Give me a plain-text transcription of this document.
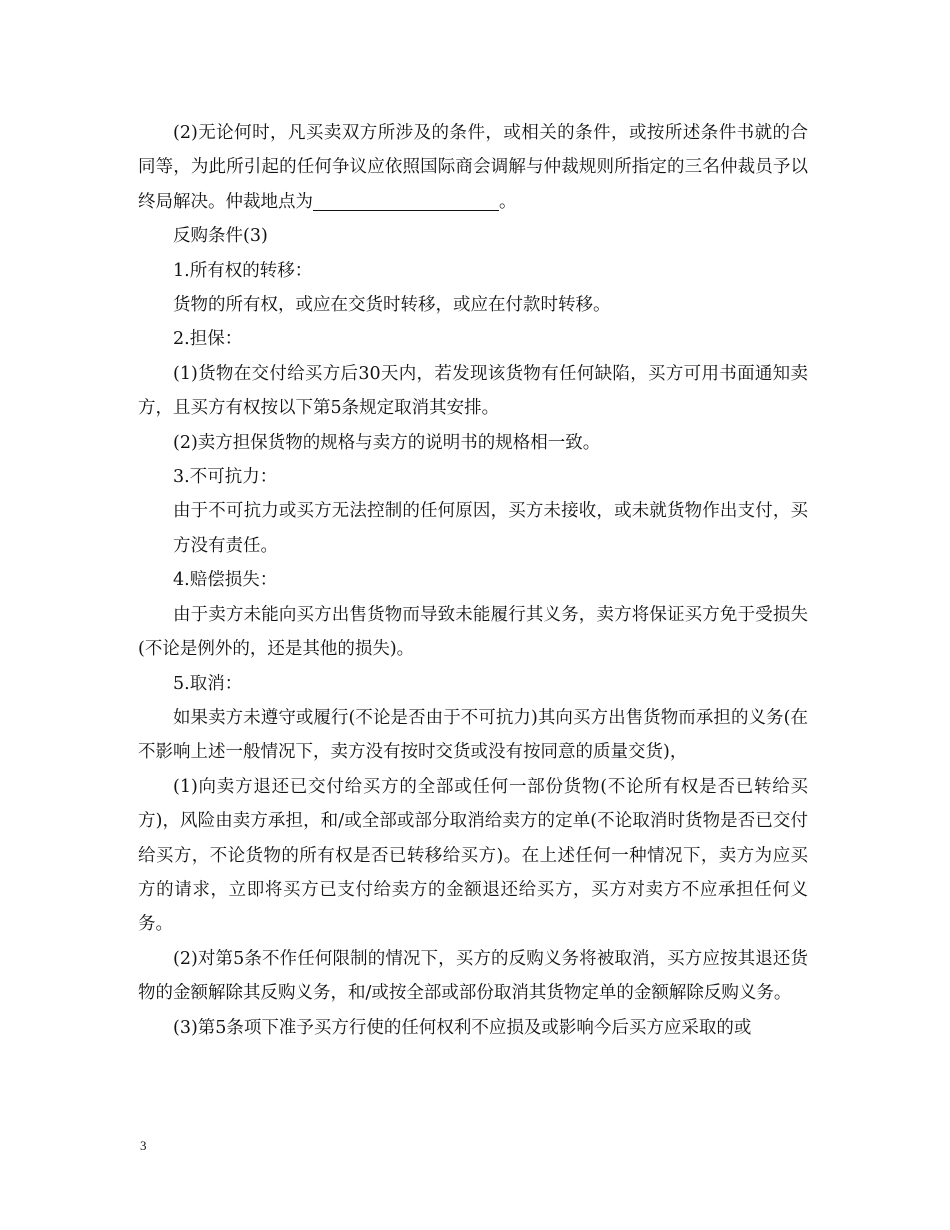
(2)无论何时，凡买卖双方所涉及的条件，或相关的条件，或按所述条件书就的合同等，为此所引起的任何争议应依照国际商会调解与仲裁规则所指定的三名仲裁员予以终局解决。仲裁地点为	。

反购条件(3)

1.所有权的转移：

货物的所有权，或应在交货时转移，或应在付款时转移。

2.担保：

(1)货物在交付给买方后30天内，若发现该货物有任何缺陷，买方可用书面通知卖方，且买方有权按以下第5条规定取消其安排。

(2)卖方担保货物的规格与卖方的说明书的规格相一致。

3.不可抗力：

由于不可抗力或买方无法控制的任何原因，买方未接收，或未就货物作出支付，买方没有责任。

4.赔偿损失：

由于卖方未能向买方出售货物而导致未能履行其义务，卖方将保证买方免于受损失(不论是例外的，还是其他的损失)。

5.取消：

如果卖方未遵守或履行(不论是否由于不可抗力)其向买方出售货物而承担的义务(在不影响上述一般情况下，卖方没有按时交货或没有按同意的质量交货)，

(1)向卖方退还已交付给买方的全部或任何一部份货物(不论所有权是否已转给买方)，风险由卖方承担，和/或全部或部分取消给卖方的定单(不论取消时货物是否已交付给买方，不论货物的所有权是否已转移给买方)。在上述任何一种情况下，卖方为应买方的请求，立即将买方已支付给卖方的金额退还给买方，买方对卖方不应承担任何义务。

(2)对第5条不作任何限制的情况下，买方的反购义务将被取消，买方应按其退还货物的金额解除其反购义务，和/或按全部或部份取消其货物定单的金额解除反购义务。

(3)第5条项下准予买方行使的任何权利不应损及或影响今后买方应采取的或

3
